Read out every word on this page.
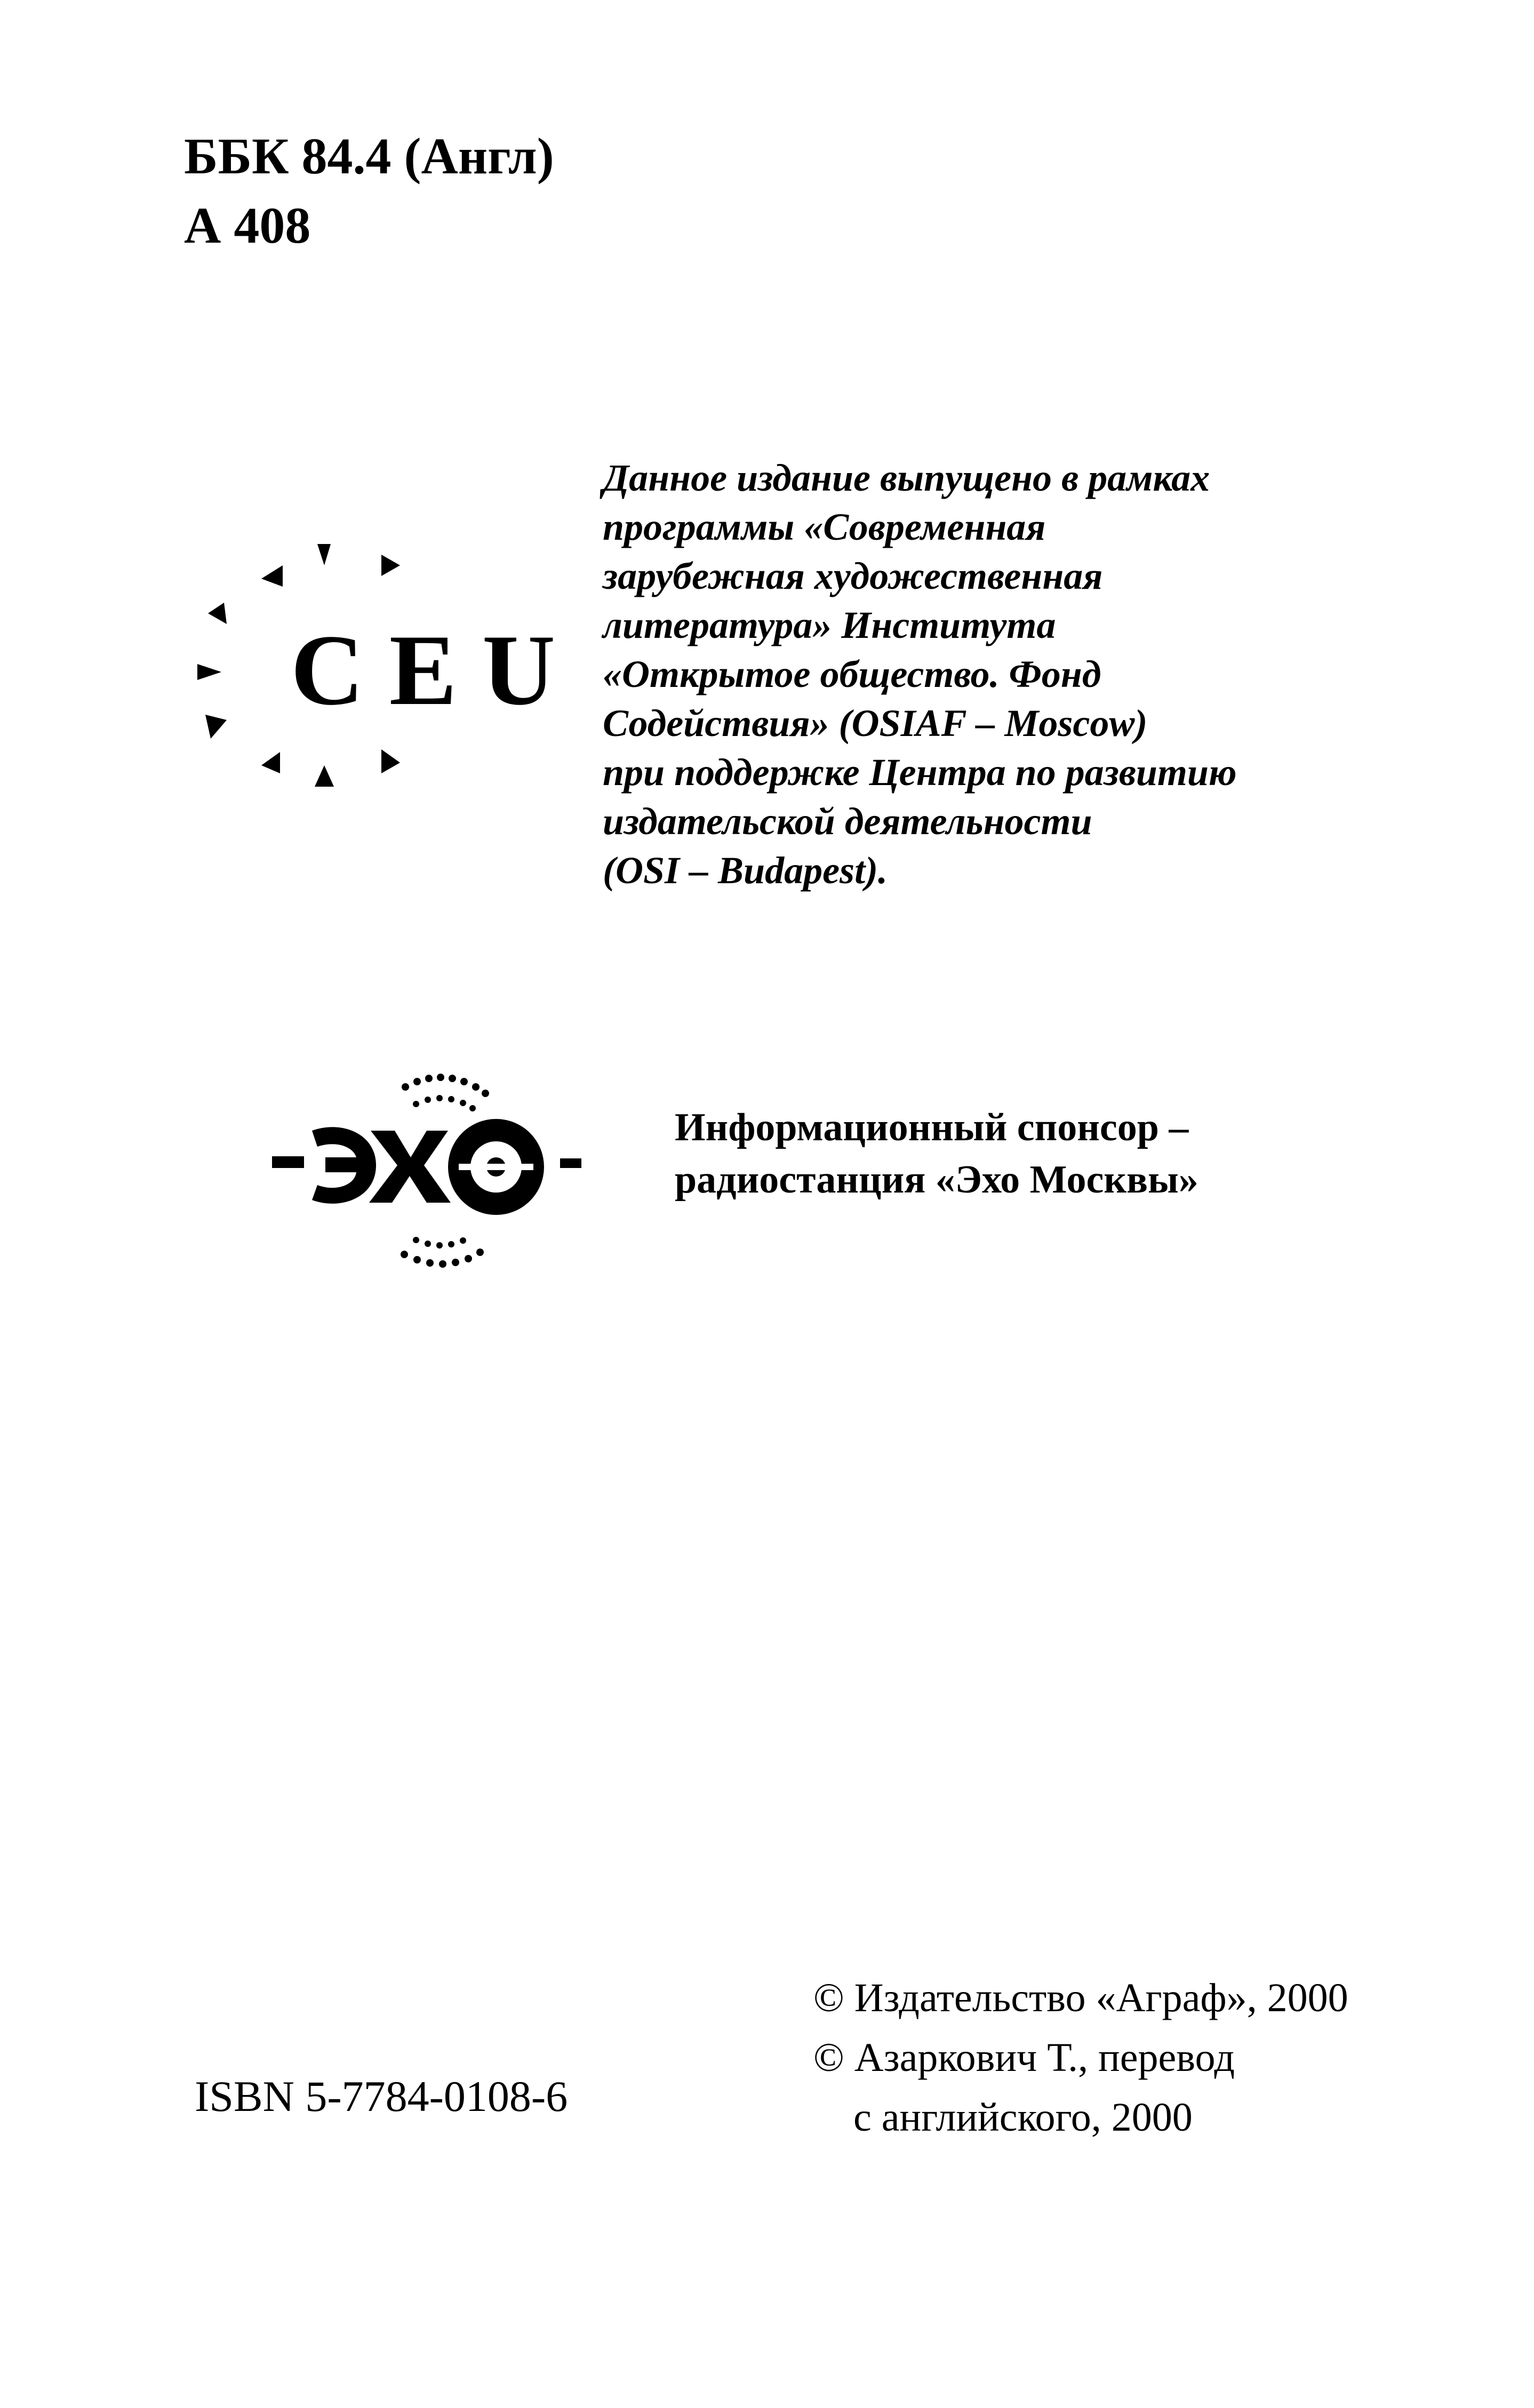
ББК 84.4 (Англ)
А 408
C E U
Данное издание выпущено в рамках
программы «Современная
зарубежная художественная
литература» Института
«Открытое общество. Фонд
Содействия» (OSIAF – Moscow)
при поддержке Центра по развитию
издательской деятельности
(OSI – Budapest).
Информационный спонсор –
радиостанция «Эхо Москвы»
ISBN 5-7784-0108-6
© Издательство «Аграф», 2000
© Азаркович Т., перевод
с английского, 2000
